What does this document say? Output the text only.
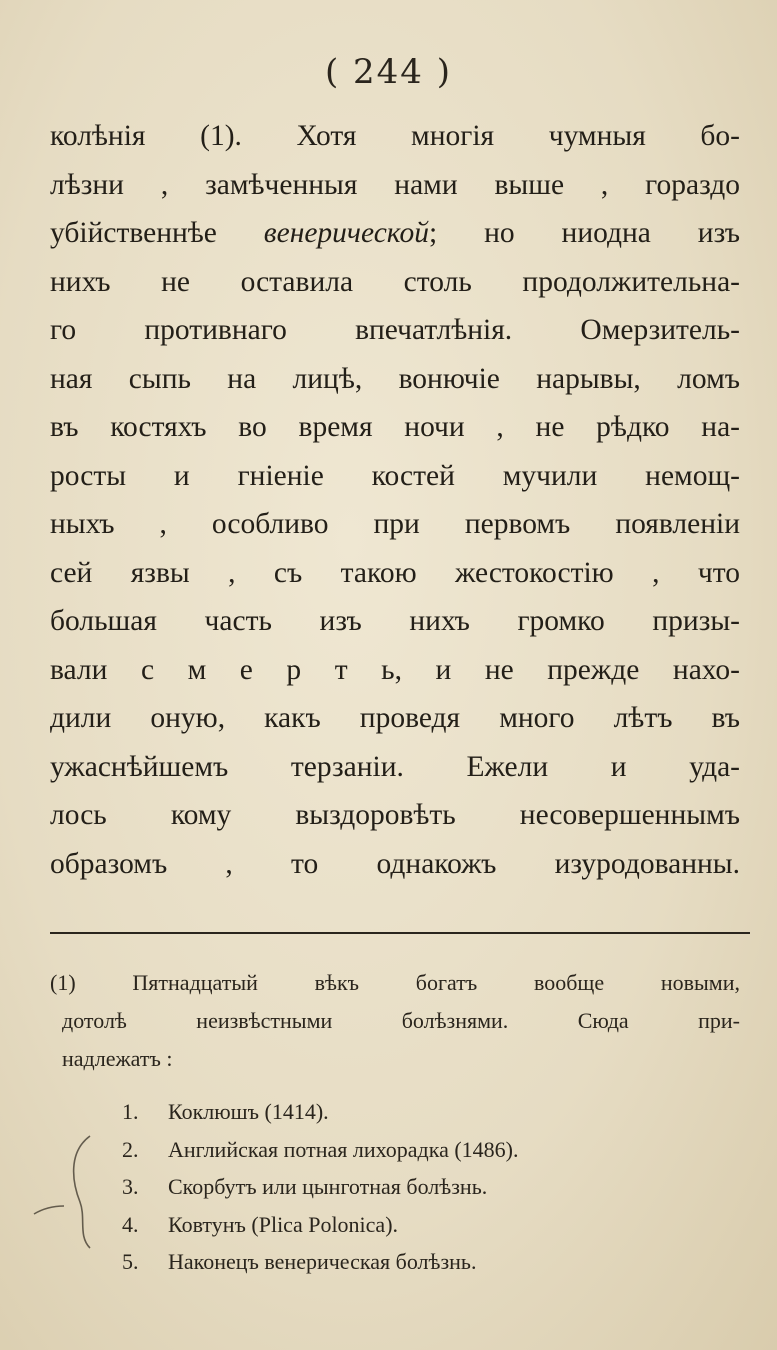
( 244 )
колѣнія (1). Хотя многія чумныя бо-
лѣзни , замѣченныя нами выше , гораздо
убійственнѣе венерической; но ниодна изъ
нихъ не оставила столь продолжительна-
го противнаго впечатлѣнія. Омерзитель-
ная сыпь на лицѣ, вонючіе нарывы, ломъ
въ костяхъ во время ночи , не рѣдко на-
росты и гніеніе костей мучили немощ-
ныхъ , особливо при первомъ появленіи
сей язвы , съ такою жестокостію , что
большая часть изъ нихъ громко призы-
вали с м е р т ь, и не прежде нахо-
дили оную, какъ проведя много лѣтъ въ
ужаснѣйшемъ терзаніи. Ежели и уда-
лось кому выздоровѣть несовершеннымъ
образомъ , то однакожъ изуродованны.
(1) Пятнадцатый вѣкъ богатъ вообще новыми,
дотолѣ неизвѣстными болѣзнями. Сюда при-
надлежатъ :
1. Коклюшъ (1414).
2. Английская потная лихорадка (1486).
3. Скорбутъ или цынготная болѣзнь.
4. Ковтунъ (Plica Polonica).
5. Наконецъ венерическая болѣзнь.
